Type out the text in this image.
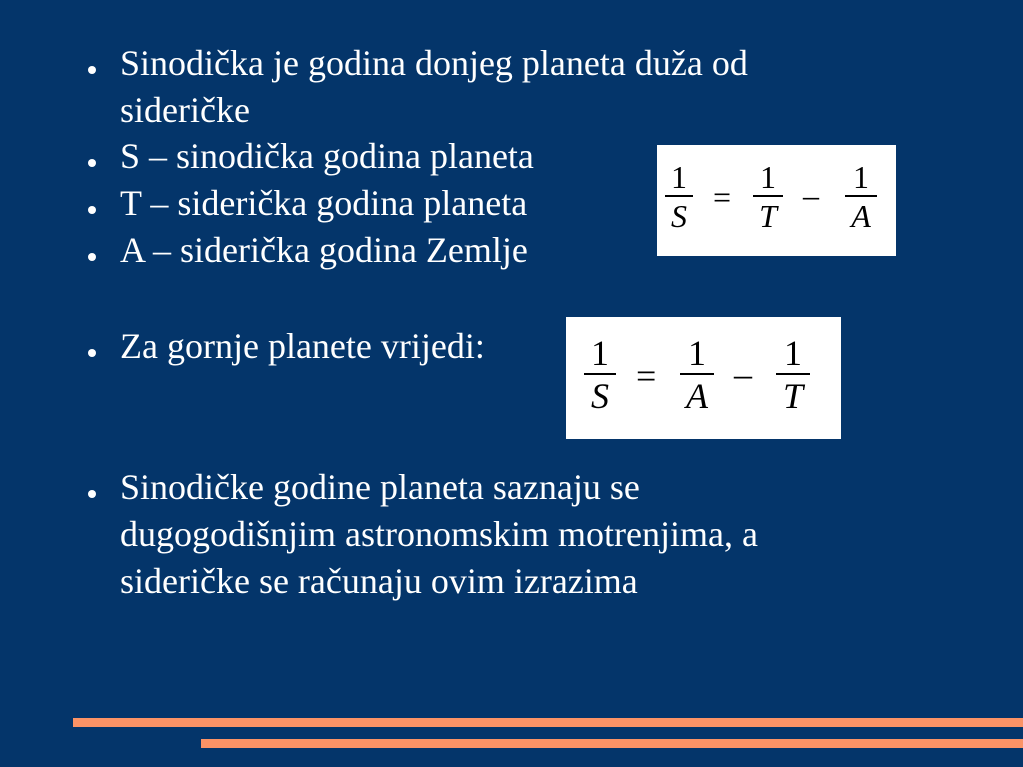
Sinodička je godina donjeg planeta duža od
sideričke
S – sinodička godina planeta
T – siderička godina planeta
A – siderička godina Zemlje
Za gornje planete vrijedi:
Sinodičke godine planeta saznaju se
dugogodišnjim astronomskim motrenjima, a
sideričke se računaju ovim izrazima
1
S
=
1
T
– 1
A
1
S =
1
A
–
1
T
